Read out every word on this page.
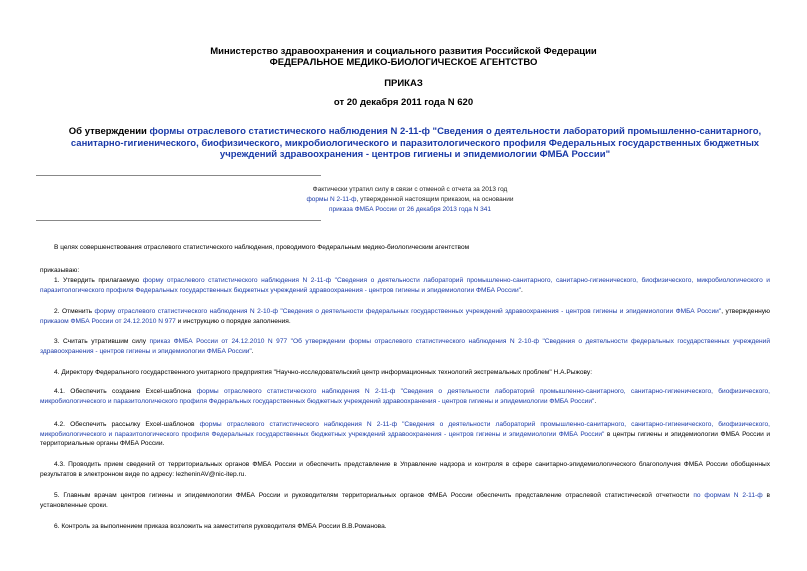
Министерство здравоохранения и социального развития Российской Федерации
ФЕДЕРАЛЬНОЕ МЕДИКО-БИОЛОГИЧЕСКОЕ АГЕНТСТВО
ПРИКАЗ
от 20 декабря 2011 года N 620
Об утверждении формы отраслевого статистического наблюдения N 2-11-ф "Сведения о деятельности лабораторий промышленно-санитарного, санитарно-гигиенического, биофизического, микробиологического и паразитологического профиля Федеральных государственных бюджетных учреждений здравоохранения - центров гигиены и эпидемиологии ФМБА России"
Фактически утратил силу в связи с отменой с отчета за 2013 год
формы N 2-11-ф, утвержденной настоящим приказом, на основании
приказа ФМБА России от 26 декабря 2013 года N 341
В целях совершенствования отраслевого статистического наблюдения, проводимого Федеральным медико-биологическим агентством
приказываю:
1. Утвердить прилагаемую форму отраслевого статистического наблюдения N 2-11-ф "Сведения о деятельности лабораторий промышленно-санитарного, санитарно-гигиенического, биофизического, микробиологического и паразитологического профиля Федеральных государственных бюджетных учреждений здравоохранения - центров гигиены и эпидемиологии ФМБА России".
2. Отменить форму отраслевого статистического наблюдения N 2-10-ф "Сведения о деятельности федеральных государственных учреждений здравоохранения - центров гигиены и эпидемиологии ФМБА России", утвержденную приказом ФМБА России от 24.12.2010 N 977 и инструкцию о порядке заполнения.
3. Считать утратившим силу приказ ФМБА России от 24.12.2010 N 977 "Об утверждении формы отраслевого статистического наблюдения N 2-10-ф "Сведения о деятельности федеральных государственных учреждений здравоохранения - центров гигиены и эпидемиологии ФМБА России".
4. Директору Федерального государственного унитарного предприятия "Научно-исследовательский центр информационных технологий экстремальных проблем" Н.А.Рыжову:
4.1. Обеспечить создание Excel-шаблона формы отраслевого статистического наблюдения N 2-11-ф "Сведения о деятельности лабораторий промышленно-санитарного, санитарно-гигиенического, биофизического, микробиологического и паразитологического профиля Федеральных государственных бюджетных учреждений здравоохранения - центров гигиены и эпидемиологии ФМБА России".
4.2. Обеспечить рассылку Excel-шаблонов формы отраслевого статистического наблюдения N 2-11-ф "Сведения о деятельности лабораторий промышленно-санитарного, санитарно-гигиенического, биофизического, микробиологического и паразитологического профиля Федеральных государственных бюджетных учреждений здравоохранения - центров гигиены и эпидемиологии ФМБА России" в центры гигиены и эпидемиологии ФМБА России и территориальные органы ФМБА России.
4.3. Проводить прием сведений от территориальных органов ФМБА России и обеспечить представление в Управление надзора и контроля в сфере санитарно-эпидемиологического благополучия ФМБА России обобщенных результатов в электронном виде по адресу: lezheninAV@nic-itep.ru.
5. Главным врачам центров гигиены и эпидемиологии ФМБА России и руководителям территориальных органов ФМБА России обеспечить представление отраслевой статистической отчетности по формам N 2-11-ф в установленные сроки.
6. Контроль за выполнением приказа возложить на заместителя руководителя ФМБА России В.В.Романова.
